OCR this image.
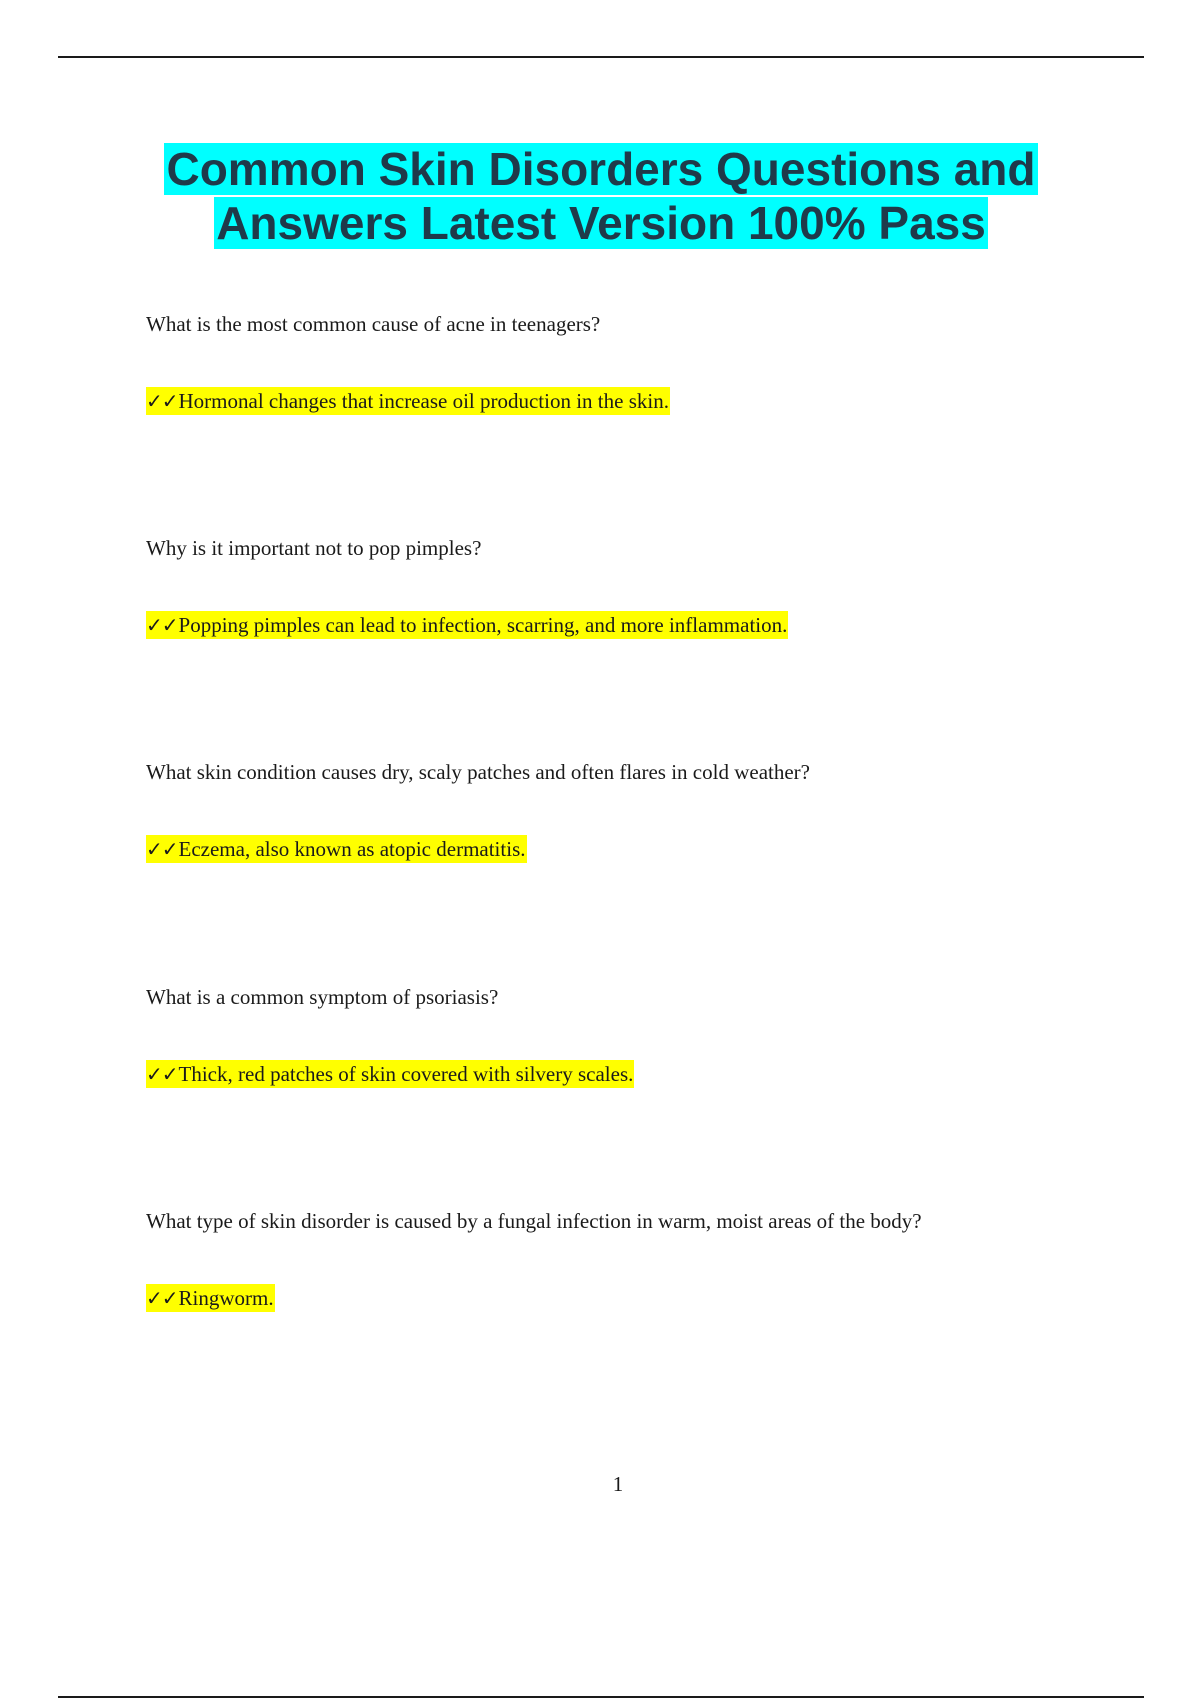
Common Skin Disorders Questions and
Answers Latest Version 100% Pass

What is the most common cause of acne in teenagers?

✓✓Hormonal changes that increase oil production in the skin.

Why is it important not to pop pimples?

✓✓Popping pimples can lead to infection, scarring, and more inflammation.

What skin condition causes dry, scaly patches and often flares in cold weather?

✓✓Eczema, also known as atopic dermatitis.

What is a common symptom of psoriasis?

✓✓Thick, red patches of skin covered with silvery scales.

What type of skin disorder is caused by a fungal infection in warm, moist areas of the body?

✓✓Ringworm.

1
